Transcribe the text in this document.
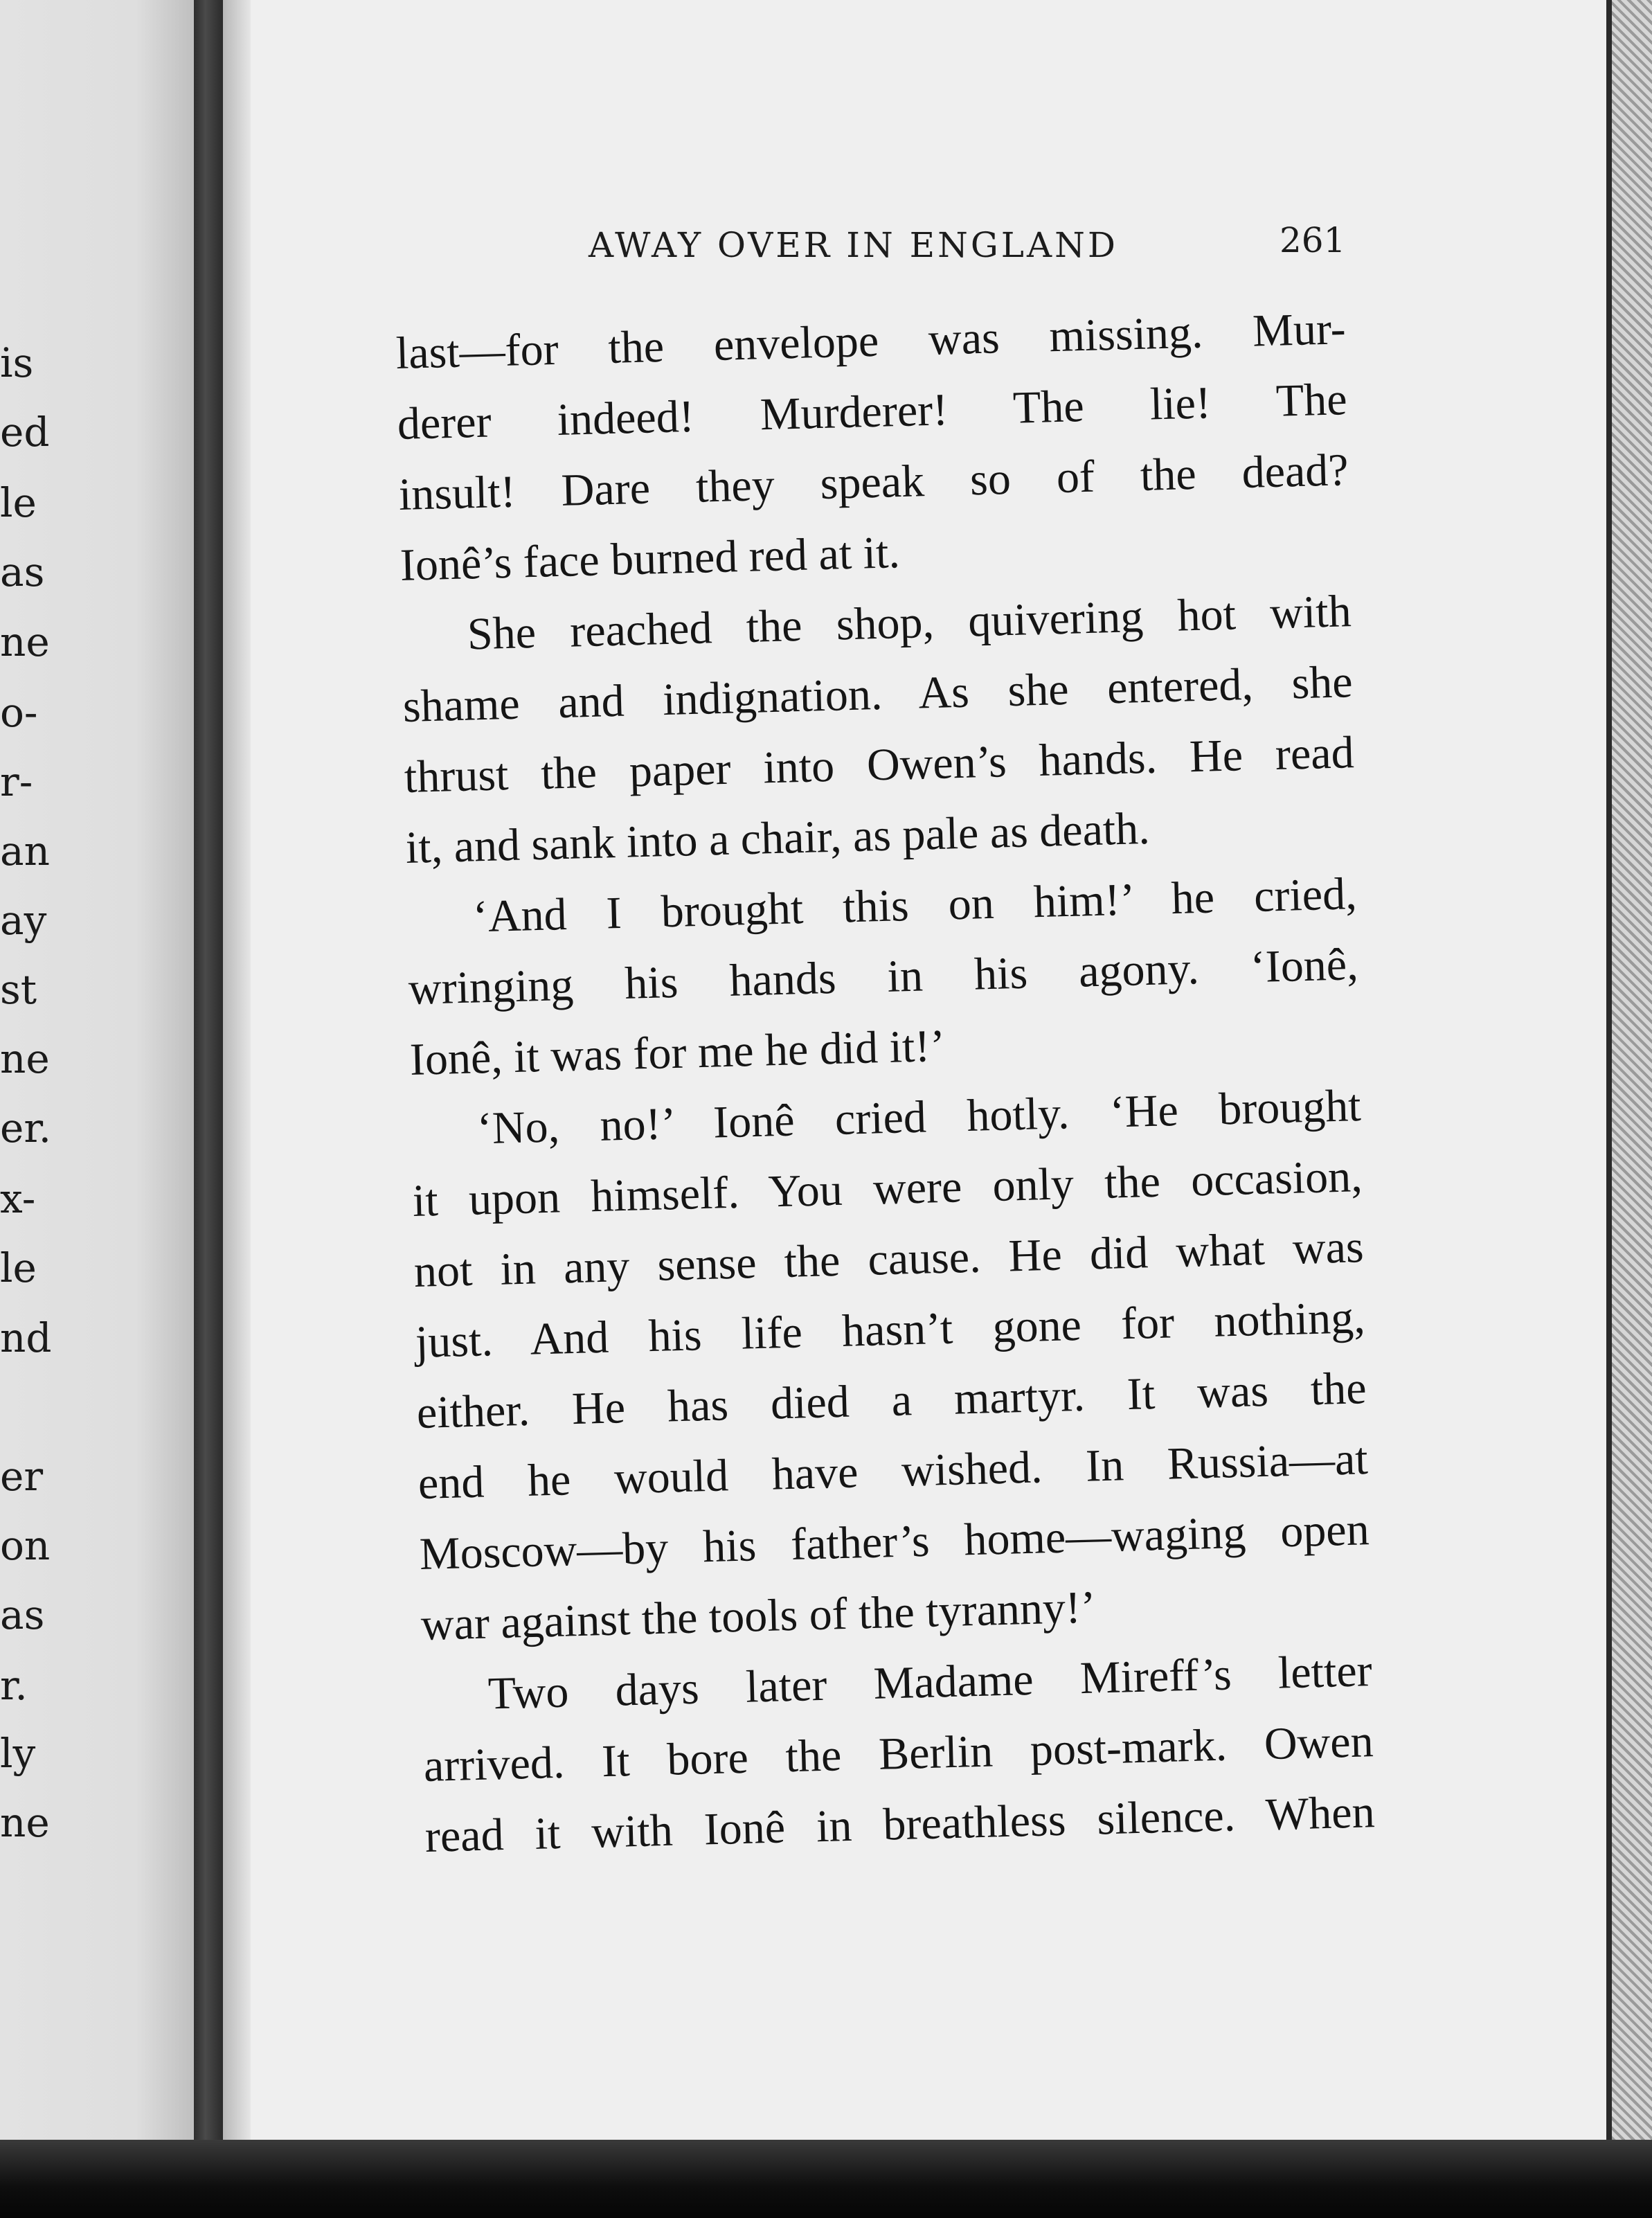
is
ed
le
as
ne
o-
r-
an
ay
st
ne
er.
x-
le
nd
er
on
as
r.
ly
ne
AWAY OVER IN ENGLAND	261
last—for the envelope was missing. Mur-
derer indeed! Murderer! The lie! The
insult! Dare they speak so of the dead?
Ionê’s face burned red at it.
She reached the shop, quivering hot with
shame and indignation. As she entered, she
thrust the paper into Owen’s hands. He read
it, and sank into a chair, as pale as death.
‘And I brought this on him!’ he cried,
wringing his hands in his agony. ‘Ionê,
Ionê, it was for me he did it!’
‘No, no!’ Ionê cried hotly. ‘He brought
it upon himself. You were only the occasion,
not in any sense the cause. He did what was
just. And his life hasn’t gone for nothing,
either. He has died a martyr. It was the
end he would have wished. In Russia—at
Moscow—by his father’s home—waging open
war against the tools of the tyranny!’
Two days later Madame Mireff’s letter
arrived. It bore the Berlin post-mark. Owen
read it with Ionê in breathless silence. When
